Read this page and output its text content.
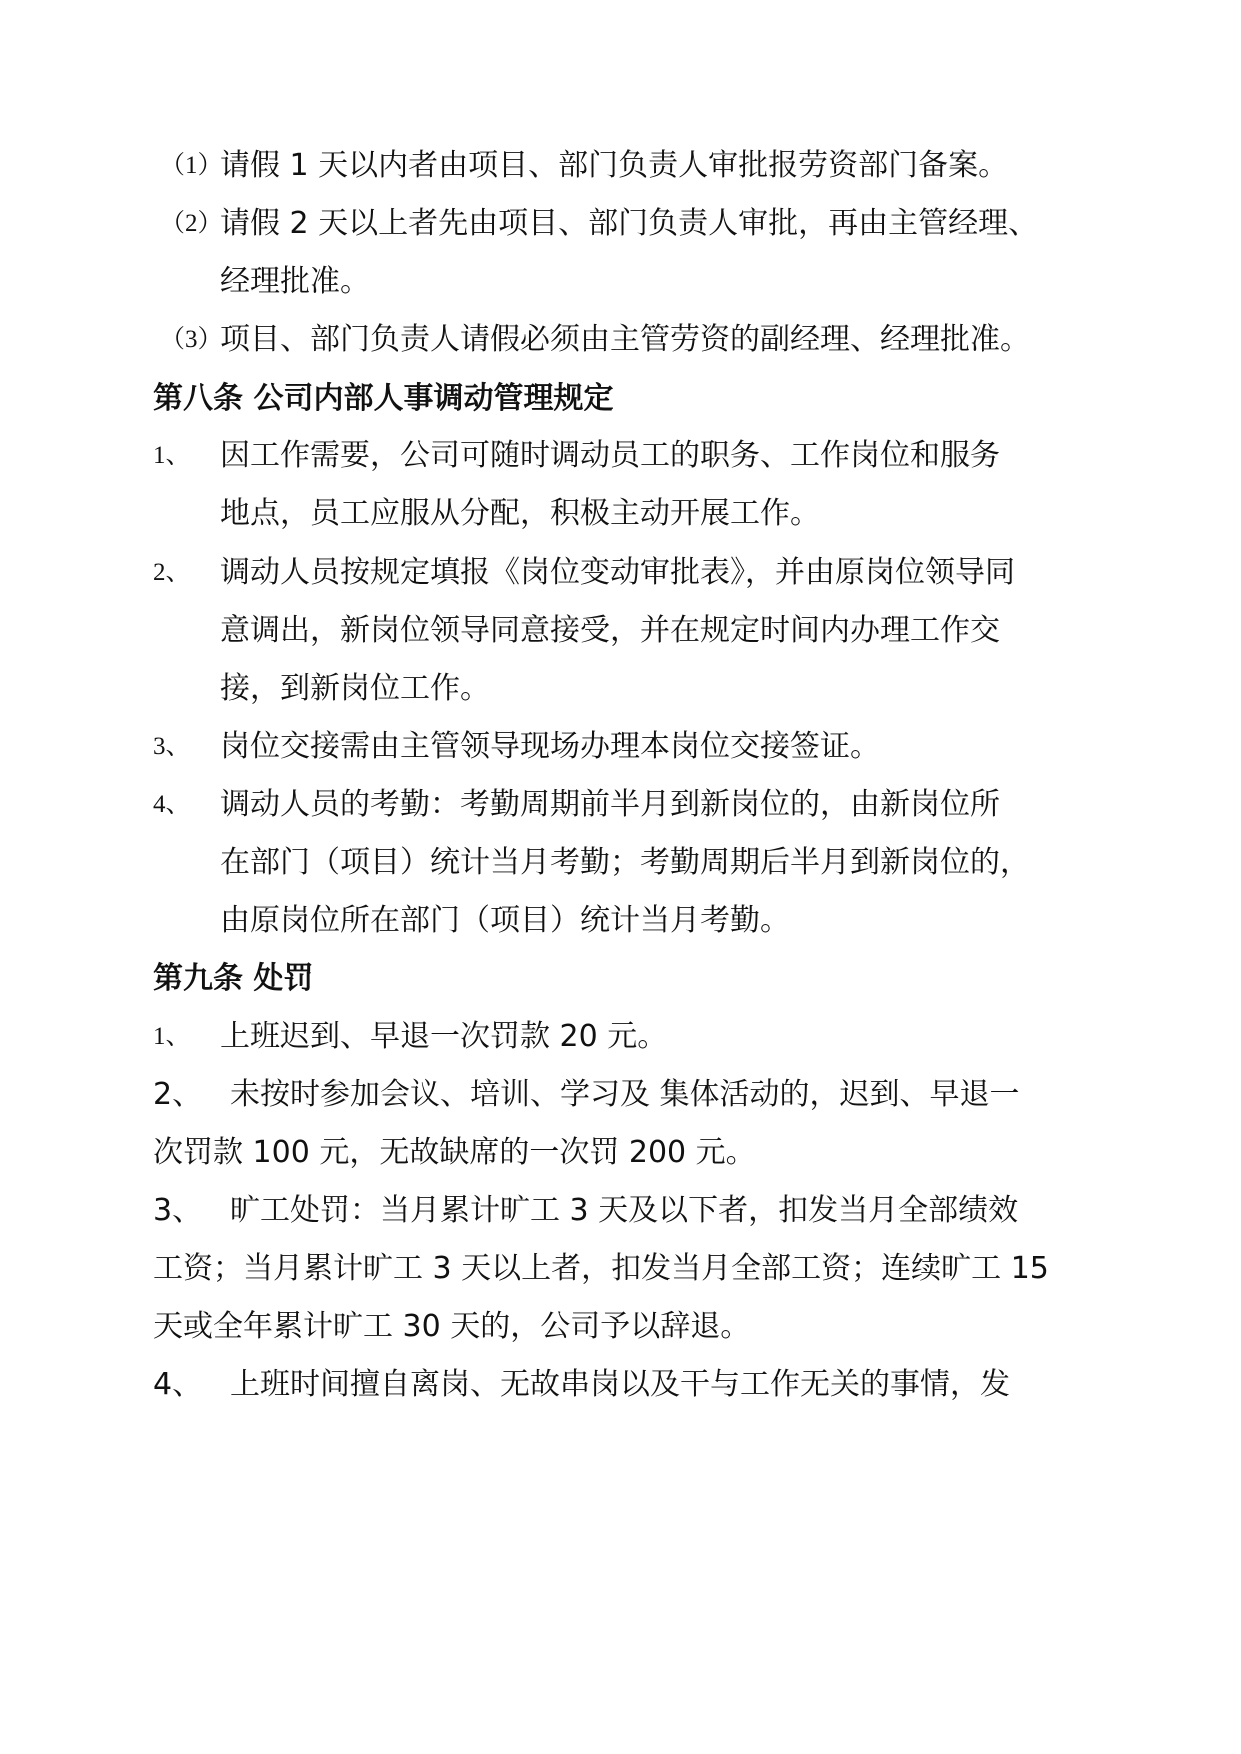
（1）
请假 1 天以内者由项目、部门负责人审批报劳资部门备案。
（2）
请假 2 天以上者先由项目、部门负责人审批，再由主管经理、
经理批准。
（3）
项目、部门负责人请假必须由主管劳资的副经理、经理批准。
第八条 公司内部人事调动管理规定
1、 因工作需要，公司可随时调动员工的职务、工作岗位和服务
地点，员工应服从分配，积极主动开展工作。
2、 调动人员按规定填报《岗位变动审批表》，并由原岗位领导同
意调出，新岗位领导同意接受，并在规定时间内办理工作交
接，到新岗位工作。
3、 岗位交接需由主管领导现场办理本岗位交接签证。
4、 调动人员的考勤：考勤周期前半月到新岗位的，由新岗位所
在部门（项目）统计当月考勤；考勤周期后半月到新岗位的，
由原岗位所在部门（项目）统计当月考勤。
第九条 处罚
1、 上班迟到、早退一次罚款 20 元。
2、 未按时参加会议、培训、学习及 集体活动的，迟到、早退一
次罚款 100 元，无故缺席的一次罚 200 元。
3、 旷工处罚：当月累计旷工 3 天及以下者，扣发当月全部绩效
工资；当月累计旷工 3 天以上者，扣发当月全部工资；连续旷工 15
天或全年累计旷工 30 天的，公司予以辞退。
4、 上班时间擅自离岗、无故串岗以及干与工作无关的事情，发
